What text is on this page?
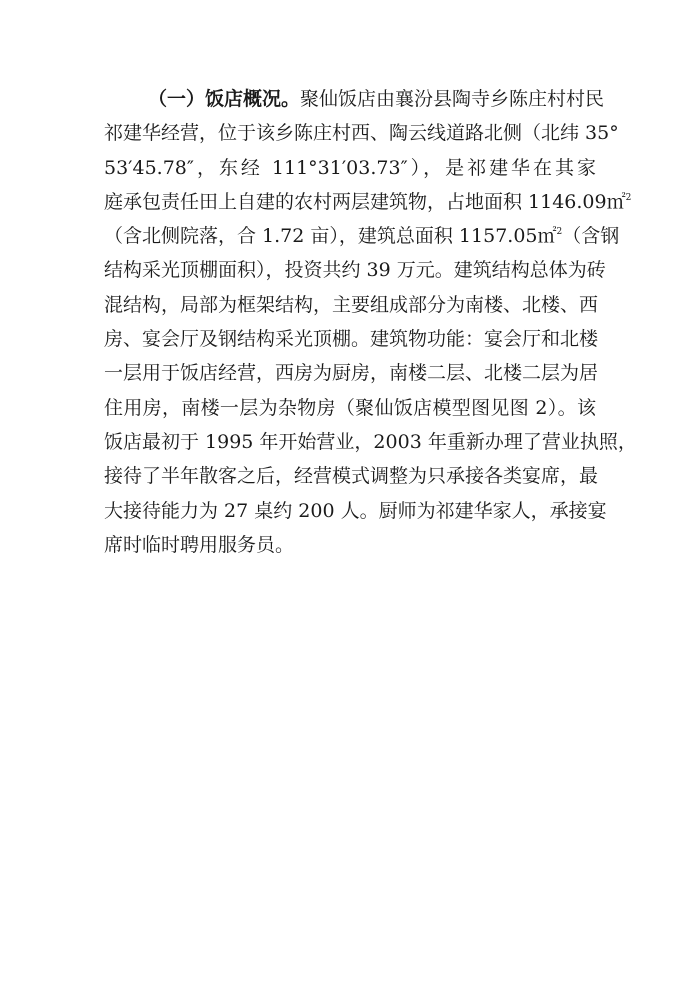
（一）饭店概况。聚仙饭店由襄汾县陶寺乡陈庄村村民
祁建华经营，位于该乡陈庄村西、陶云线道路北侧（北纬 35°
53′45.78″，东经 111°31′03.73″），是祁建华在其家
庭承包责任田上自建的农村两层建筑物，占地面积 1146.09㎡$^2$
（含北侧院落，合 1.72 亩），建筑总面积 1157.05㎡$^2$（含钢
结构采光顶棚面积），投资共约 39 万元。建筑结构总体为砖
混结构，局部为框架结构，主要组成部分为南楼、北楼、西
房、宴会厅及钢结构采光顶棚。建筑物功能：宴会厅和北楼
一层用于饭店经营，西房为厨房，南楼二层、北楼二层为居
住用房，南楼一层为杂物房（聚仙饭店模型图见图 2）。该
饭店最初于 1995 年开始营业，2003 年重新办理了营业执照，
接待了半年散客之后，经营模式调整为只承接各类宴席，最
大接待能力为 27 桌约 200 人。厨师为祁建华家人，承接宴
席时临时聘用服务员。
